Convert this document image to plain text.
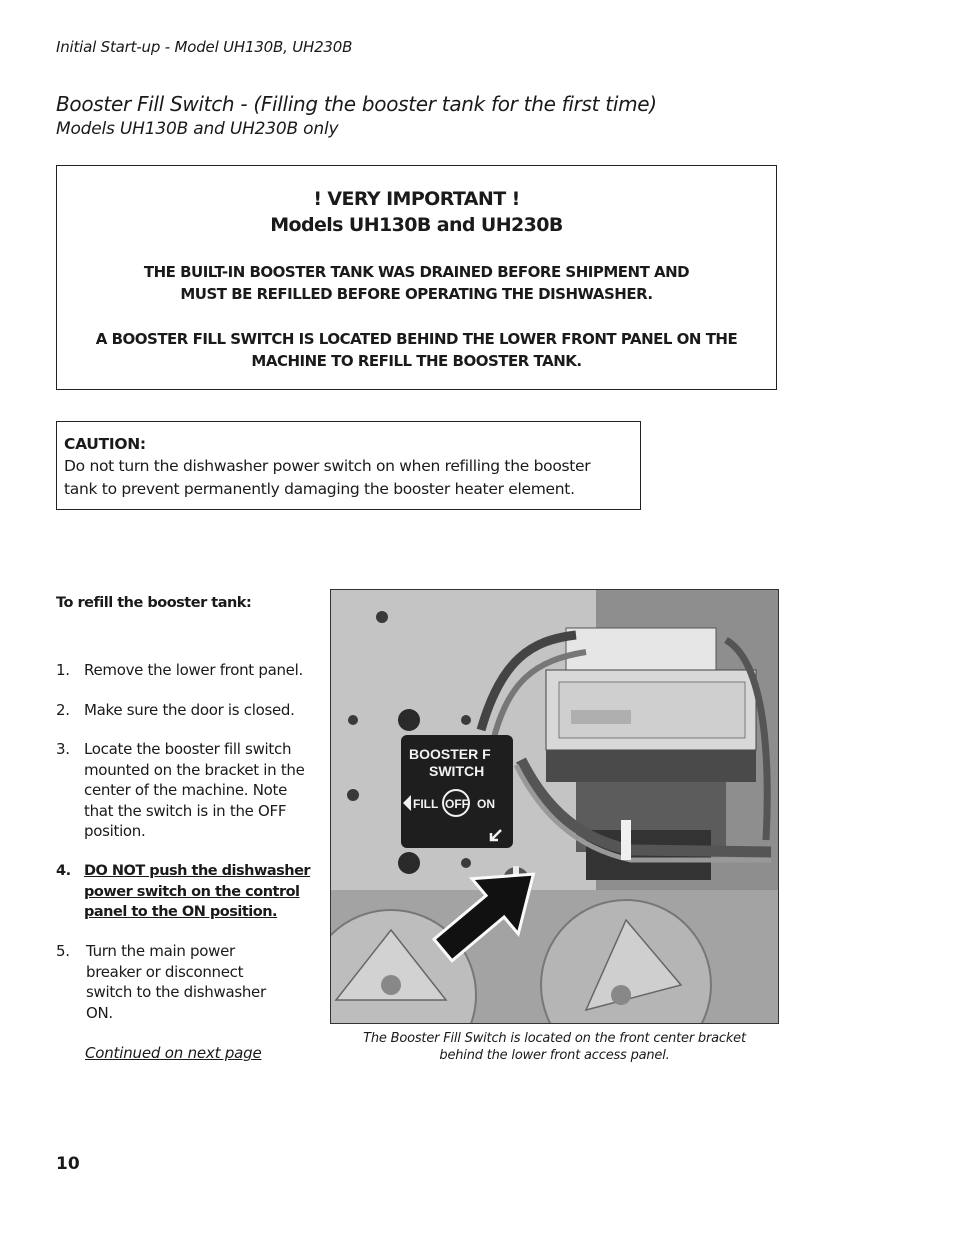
Initial Start-up - Model UH130B, UH230B
Booster Fill Switch - (Filling the booster tank for the first time)
Models UH130B and UH230B only
! VERY IMPORTANT !
Models UH130B and UH230B
THE BUILT-IN BOOSTER TANK WAS DRAINED BEFORE SHIPMENT AND
MUST BE REFILLED BEFORE OPERATING THE DISHWASHER.
A BOOSTER FILL SWITCH IS LOCATED BEHIND THE LOWER FRONT PANEL ON THE
MACHINE TO REFILL THE BOOSTER TANK.
CAUTION:
Do not turn the dishwasher power switch on when refilling the booster
tank to prevent permanently damaging the booster heater element.
To refill the booster tank:
1. Remove the lower front panel.
2. Make sure the door is closed.
3. Locate the booster fill switch mounted on the bracket in the center of the machine. Note that the switch is in the OFF position.
4. DO NOT push the dishwasher power switch on the control panel to the ON position.
5. Turn the main power breaker or disconnect switch to the dishwasher ON.
Continued on next page
BOOSTER F
SWITCH
FILL OFF ON
The Booster Fill Switch is located on the front center bracket
behind the lower front access panel.
10
